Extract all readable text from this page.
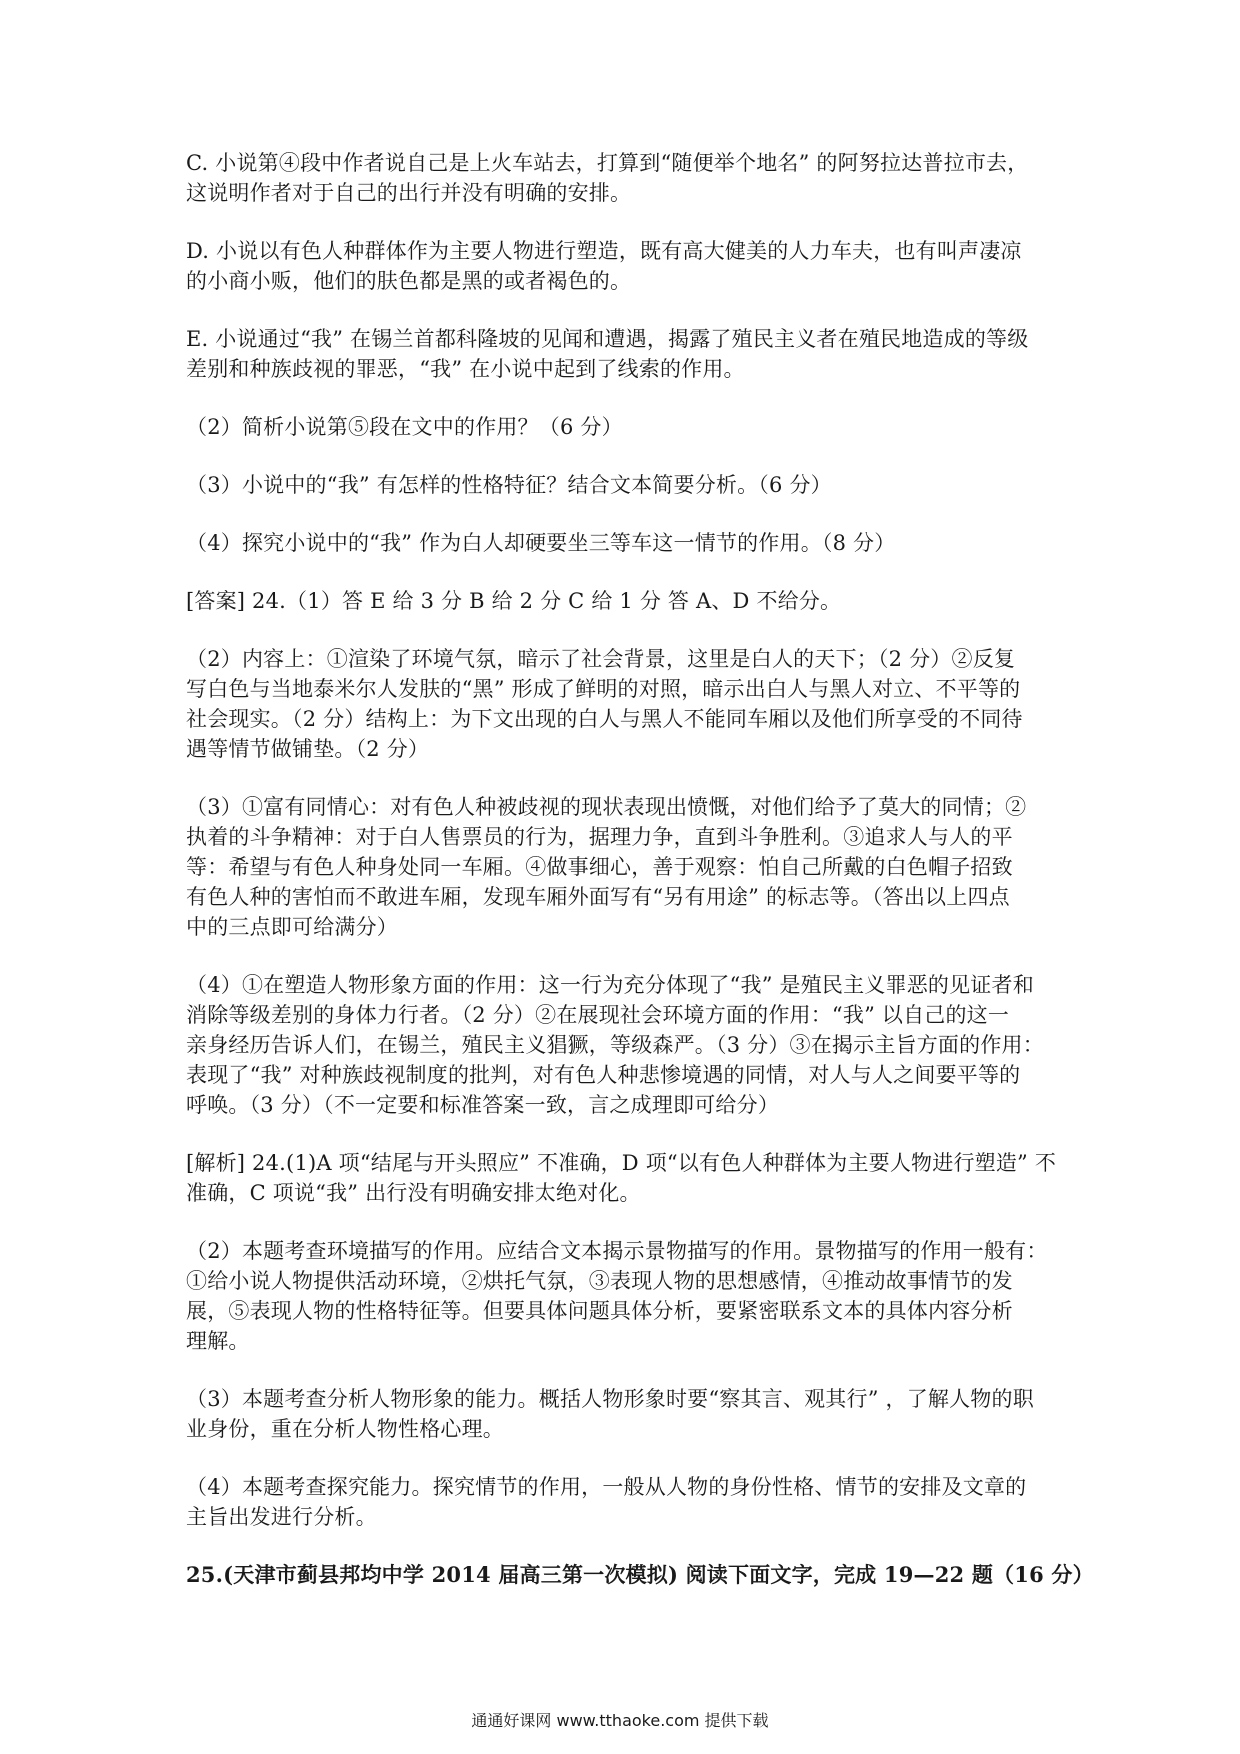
C. 小说第④段中作者说自己是上火车站去，打算到“随便举个地名” 的阿努拉达普拉市去，
这说明作者对于自己的出行并没有明确的安排。

D. 小说以有色人种群体作为主要人物进行塑造，既有高大健美的人力车夫，也有叫声凄凉
的小商小贩，他们的肤色都是黑的或者褐色的。

E. 小说通过“我” 在锡兰首都科隆坡的见闻和遭遇，揭露了殖民主义者在殖民地造成的等级
差别和种族歧视的罪恶，“我” 在小说中起到了线索的作用。

（2）简析小说第⑤段在文中的作用？（6 分）

（3）小说中的“我” 有怎样的性格特征？结合文本简要分析。（6 分）

（4）探究小说中的“我” 作为白人却硬要坐三等车这一情节的作用。（8 分）

[答案] 24.（1）答 E 给 3 分 B 给 2 分 C 给 1 分 答 A、D 不给分。

（2）内容上：①渲染了环境气氛，暗示了社会背景，这里是白人的天下；（2 分）②反复
写白色与当地泰米尔人发肤的“黑” 形成了鲜明的对照，暗示出白人与黑人对立、不平等的
社会现实。（2 分）结构上：为下文出现的白人与黑人不能同车厢以及他们所享受的不同待
遇等情节做铺垫。（2 分）

（3）①富有同情心：对有色人种被歧视的现状表现出愤慨，对他们给予了莫大的同情；②
执着的斗争精神：对于白人售票员的行为，据理力争，直到斗争胜利。③追求人与人的平
等：希望与有色人种身处同一车厢。④做事细心，善于观察：怕自己所戴的白色帽子招致
有色人种的害怕而不敢进车厢，发现车厢外面写有“另有用途” 的标志等。（答出以上四点
中的三点即可给满分）

（4）①在塑造人物形象方面的作用：这一行为充分体现了“我” 是殖民主义罪恶的见证者和
消除等级差别的身体力行者。（2 分）②在展现社会环境方面的作用：“我” 以自己的这一
亲身经历告诉人们，在锡兰，殖民主义猖獗，等级森严。（3 分）③在揭示主旨方面的作用：
表现了“我” 对种族歧视制度的批判，对有色人种悲惨境遇的同情，对人与人之间要平等的
呼唤。（3 分）（不一定要和标准答案一致，言之成理即可给分）

[解析] 24.(1)A 项“结尾与开头照应” 不准确，D 项“以有色人种群体为主要人物进行塑造” 不
准确，C 项说“我” 出行没有明确安排太绝对化。

（2）本题考查环境描写的作用。应结合文本揭示景物描写的作用。景物描写的作用一般有：
①给小说人物提供活动环境，②烘托气氛，③表现人物的思想感情，④推动故事情节的发
展，⑤表现人物的性格特征等。但要具体问题具体分析，要紧密联系文本的具体内容分析
理解。

（3）本题考查分析人物形象的能力。概括人物形象时要“察其言、观其行” ，了解人物的职
业身份，重在分析人物性格心理。

（4）本题考查探究能力。探究情节的作用，一般从人物的身份性格、情节的安排及文章的
主旨出发进行分析。

25.(天津市蓟县邦均中学 2014 届高三第一次模拟) 阅读下面文字，完成 19—22 题（16 分）

通通好课网 www.tthaoke.com 提供下载
